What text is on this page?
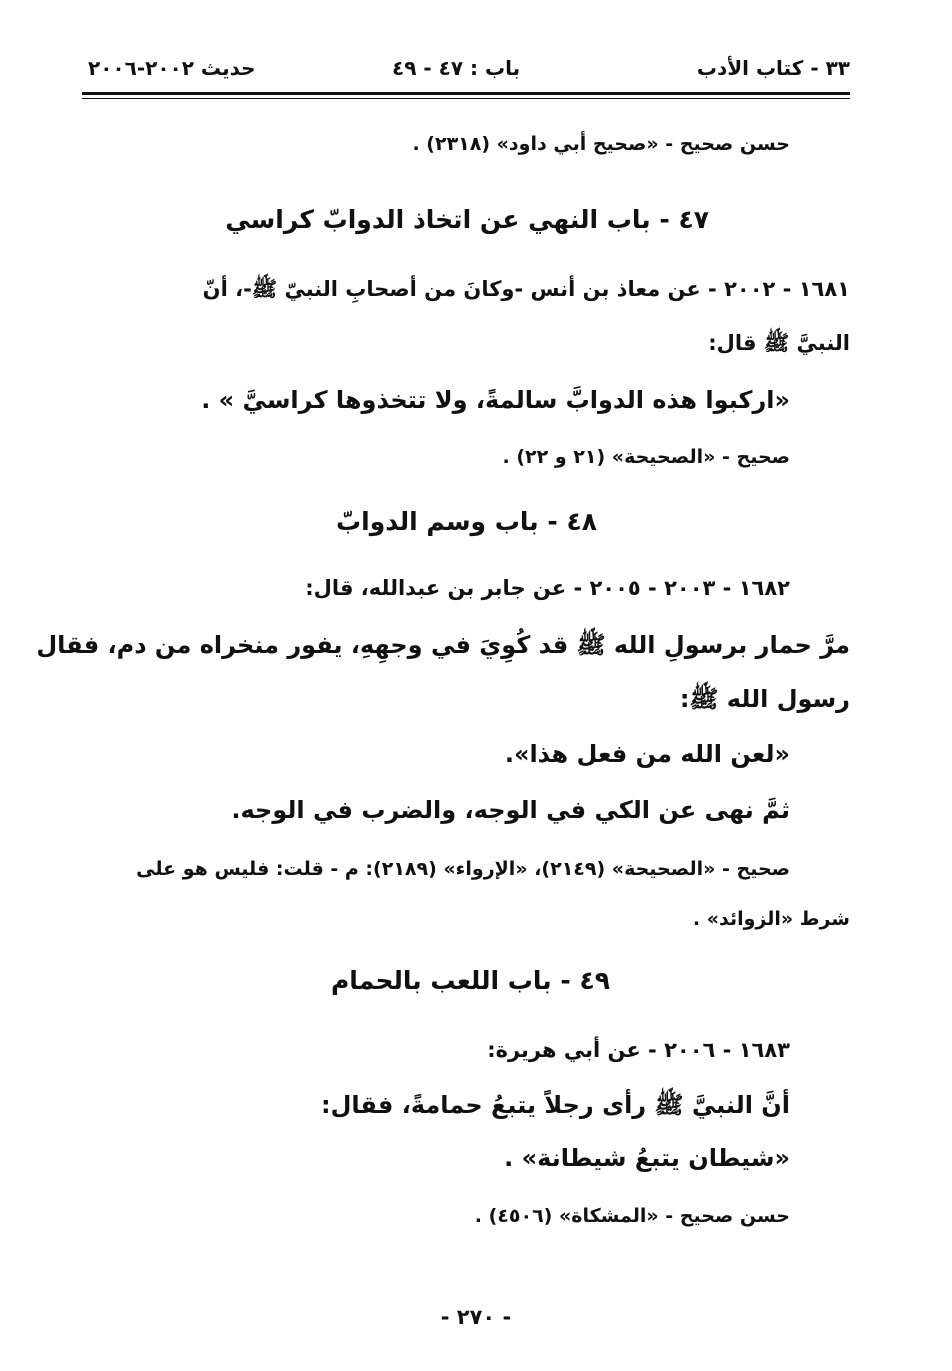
٣٣ - كتاب الأدب
باب : ٤٧ - ٤٩
حديث ٢٠٠٢-٢٠٠٦
حسن صحيح - «صحيح أبي داود» (٢٣١٨) .
٤٧ - باب النهي عن اتخاذ الدوابّ كراسي
١٦٨١ - ٢٠٠٢ - عن معاذ بن أنس -وكانَ من أصحابِ النبيّ ﷺ-، أنّ
النبيَّ ﷺ قال:
«اركبوا هذه الدوابَّ سالمةً، ولا تتخذوها كراسيَّ » .
صحيح - «الصحيحة» (٢١ و ٢٢) .
٤٨ - باب وسم الدوابّ
١٦٨٢ - ٢٠٠٣ - ٢٠٠٥ - عن جابر بن عبدالله، قال:
مرَّ حمار برسولِ الله ﷺ قد كُوِيَ في وجهِهِ، يفور منخراه من دم، فقال
رسول الله ﷺ:
«لعن الله من فعل هذا».
ثمَّ نهى عن الكي في الوجه، والضرب في الوجه.
صحيح - «الصحيحة» (٢١٤٩)، «الإرواء» (٢١٨٩): م - قلت: فليس هو على
شرط «الزوائد» .
٤٩ - باب اللعب بالحمام
١٦٨٣ - ٢٠٠٦ - عن أبي هريرة:
أنَّ النبيَّ ﷺ رأى رجلاً يتبعُ حمامةً، فقال:
«شيطان يتبعُ شيطانة» .
حسن صحيح - «المشكاة» (٤٥٠٦) .
- ٢٧٠ -
